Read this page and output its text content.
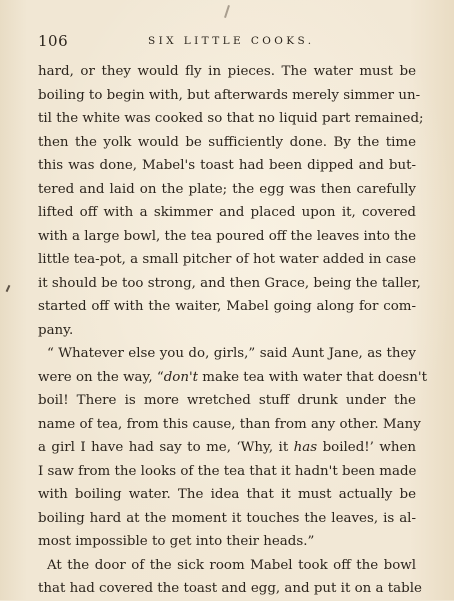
106	SIX LITTLE COOKS.
hard, or they would fly in pieces. The water must be
boiling to begin with, but afterwards merely simmer un-
til the white was cooked so that no liquid part remained;
then the yolk would be sufficiently done. By the time
this was done, Mabel's toast had been dipped and but-
tered and laid on the plate; the egg was then carefully
lifted off with a skimmer and placed upon it, covered
with a large bowl, the tea poured off the leaves into the
little tea-pot, a small pitcher of hot water added in case
it should be too strong, and then Grace, being the taller,
started off with the waiter, Mabel going along for com-
pany.
“ Whatever else you do, girls,” said Aunt Jane, as they
were on the way, “don't make tea with water that doesn't
boil! There is more wretched stuff drunk under the
name of tea, from this cause, than from any other. Many
a girl I have had say to me, ‘Why, it has boiled!’ when
I saw from the looks of the tea that it hadn't been made
with boiling water. The idea that it must actually be
boiling hard at the moment it touches the leaves, is al-
most impossible to get into their heads.”
At the door of the sick room Mabel took off the bowl
that had covered the toast and egg, and put it on a table
